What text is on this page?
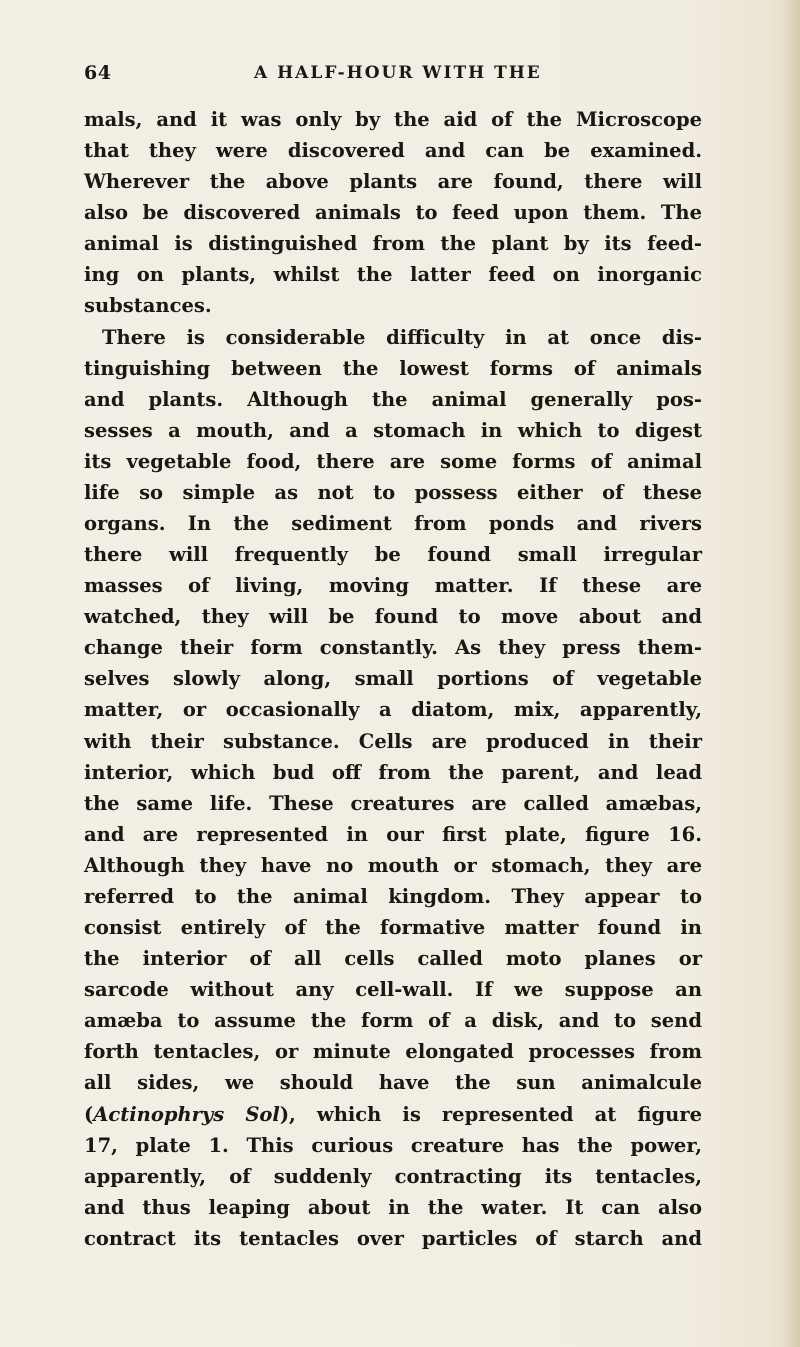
64	A HALF-HOUR WITH THE
mals, and it was only by the aid of the Microscope
that they were discovered and can be examined.
Wherever the above plants are found, there will
also be discovered animals to feed upon them. The
animal is distinguished from the plant by its feed-
ing on plants, whilst the latter feed on inorganic
substances.
There is considerable difficulty in at once dis-
tinguishing between the lowest forms of animals
and plants. Although the animal generally pos-
sesses a mouth, and a stomach in which to digest
its vegetable food, there are some forms of animal
life so simple as not to possess either of these
organs. In the sediment from ponds and rivers
there will frequently be found small irregular
masses of living, moving matter. If these are
watched, they will be found to move about and
change their form constantly. As they press them-
selves slowly along, small portions of vegetable
matter, or occasionally a diatom, mix, apparently,
with their substance. Cells are produced in their
interior, which bud off from the parent, and lead
the same life. These creatures are called amæbas,
and are represented in our first plate, figure 16.
Although they have no mouth or stomach, they are
referred to the animal kingdom. They appear to
consist entirely of the formative matter found in
the interior of all cells called moto planes or
sarcode without any cell-wall. If we suppose an
amæba to assume the form of a disk, and to send
forth tentacles, or minute elongated processes from
all sides, we should have the sun animalcule
(Actinophrys Sol), which is represented at figure
17, plate 1. This curious creature has the power,
apparently, of suddenly contracting its tentacles,
and thus leaping about in the water. It can also
contract its tentacles over particles of starch and
